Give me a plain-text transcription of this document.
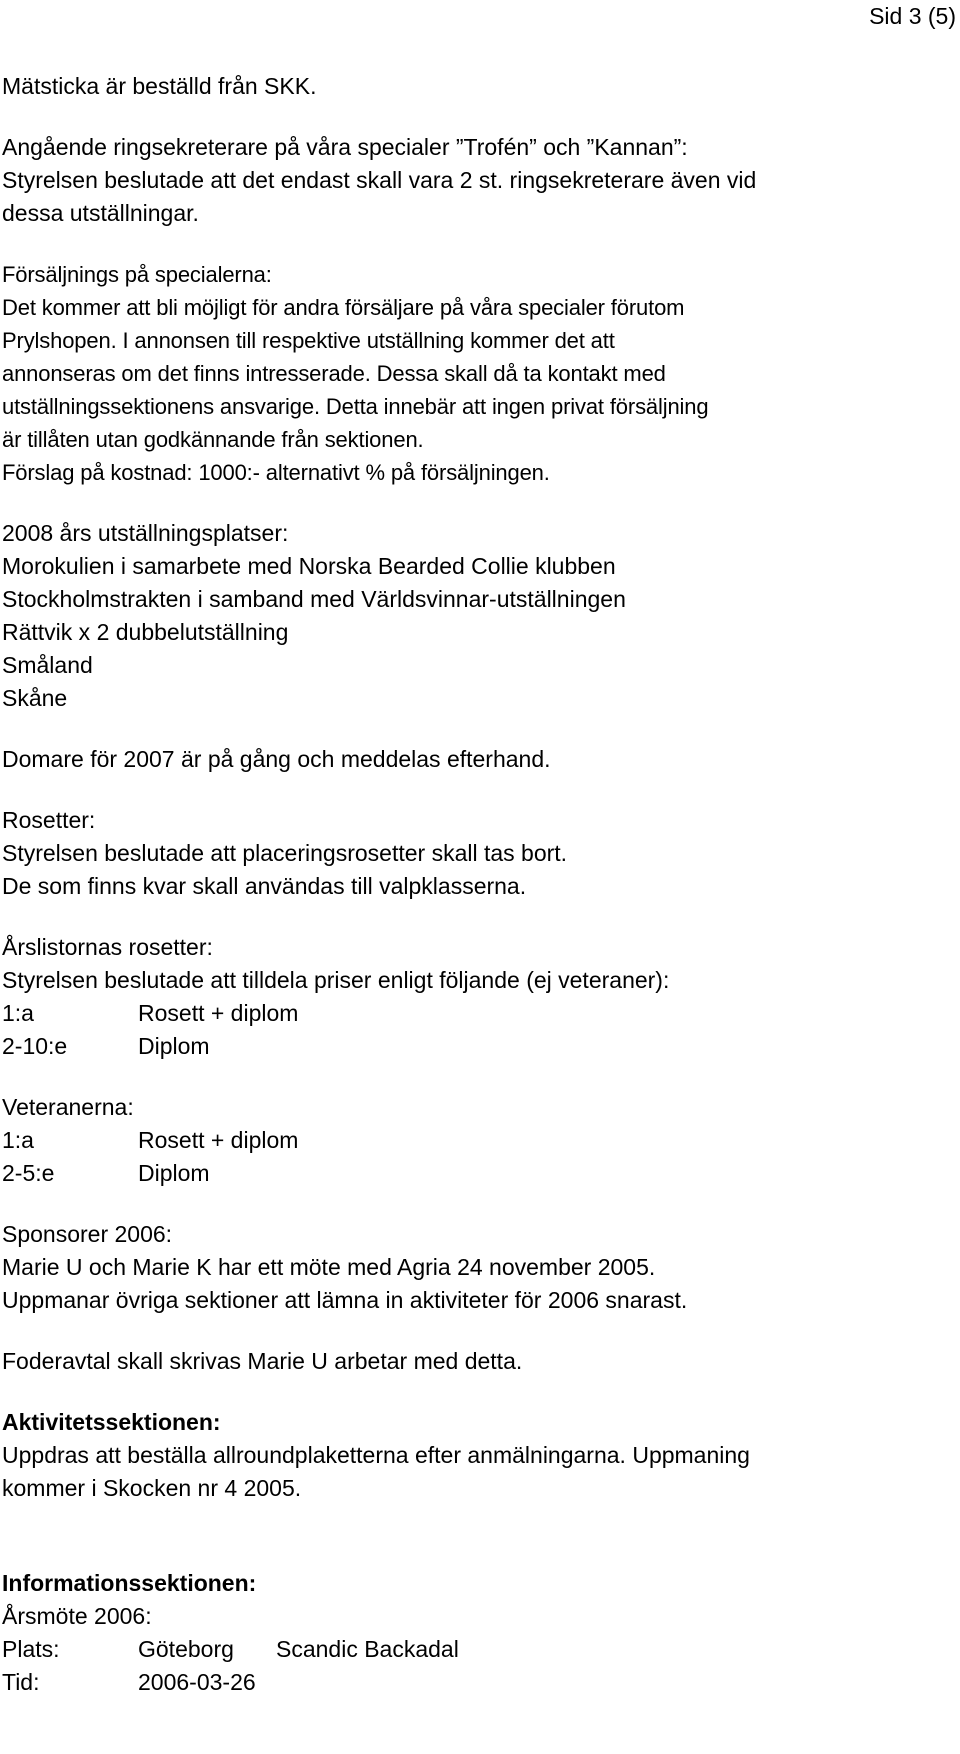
Sid 3 (5)

Mätsticka är beställd från SKK.

Angående ringsekreterare på våra specialer ”Trofén” och ”Kannan”:
Styrelsen beslutade att det endast skall vara 2 st. ringsekreterare även vid
dessa utställningar.

Försäljnings på specialerna:
Det kommer att bli möjligt för andra försäljare på våra specialer förutom
Prylshopen. I annonsen till respektive utställning kommer det att
annonseras om det finns intresserade. Dessa skall då ta kontakt med
utställningssektionens ansvarige. Detta innebär att ingen privat försäljning
är tillåten utan godkännande från sektionen.
Förslag på kostnad: 1000:- alternativt % på försäljningen.

2008 års utställningsplatser:
Morokulien i samarbete med Norska Bearded Collie klubben
Stockholmstrakten i samband med Världsvinnar-utställningen
Rättvik x 2 dubbelutställning
Småland
Skåne

Domare för 2007 är på gång och meddelas efterhand.

Rosetter:
Styrelsen beslutade att placeringsrosetter skall tas bort.
De som finns kvar skall användas till valpklasserna.

Årslistornas rosetter:
Styrelsen beslutade att tilldela priser enligt följande (ej veteraner):
1:a	Rosett + diplom
2-10:e	Diplom

Veteranerna:
1:a	Rosett + diplom
2-5:e	Diplom

Sponsorer 2006:
Marie U och Marie K har ett möte med Agria 24 november 2005.
Uppmanar övriga sektioner att lämna in aktiviteter för 2006 snarast.

Foderavtal skall skrivas Marie U arbetar med detta.

Aktivitetssektionen:
Uppdras att beställa allroundplaketterna efter anmälningarna. Uppmaning
kommer i Skocken nr 4 2005.

Informationssektionen:
Årsmöte 2006:
Plats:	Göteborg Scandic Backadal
Tid:	2006-03-26
